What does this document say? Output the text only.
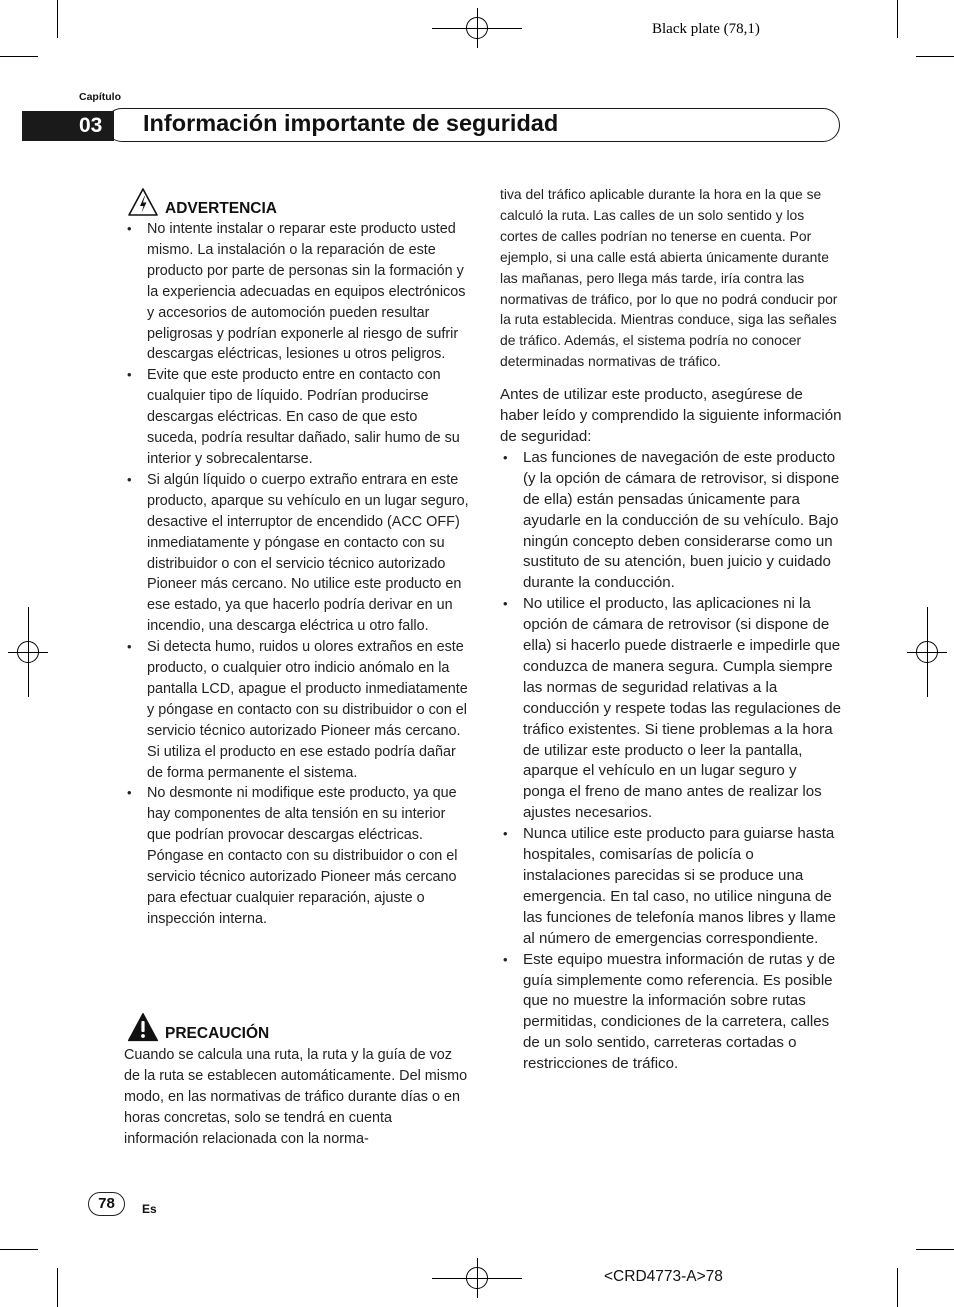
Black plate (78,1)
Capítulo
03 Información importante de seguridad
ADVERTENCIA
• No intente instalar o reparar este producto usted mismo. La instalación o la reparación de este producto por parte de personas sin la formación y la experiencia adecuadas en equipos electrónicos y accesorios de automoción pueden resultar peligrosas y podrían exponerle al riesgo de sufrir descargas eléctricas, lesiones u otros peligros.
• Evite que este producto entre en contacto con cualquier tipo de líquido. Podrían producirse descargas eléctricas. En caso de que esto suceda, podría resultar dañado, salir humo de su interior y sobrecalentarse.
• Si algún líquido o cuerpo extraño entrara en este producto, aparque su vehículo en un lugar seguro, desactive el interruptor de encendido (ACC OFF) inmediatamente y póngase en contacto con su distribuidor o con el servicio técnico autorizado Pioneer más cercano. No utilice este producto en ese estado, ya que hacerlo podría derivar en un incendio, una descarga eléctrica u otro fallo.
• Si detecta humo, ruidos u olores extraños en este producto, o cualquier otro indicio anómalo en la pantalla LCD, apague el producto inmediatamente y póngase en contacto con su distribuidor o con el servicio técnico autorizado Pioneer más cercano. Si utiliza el producto en ese estado podría dañar de forma permanente el sistema.
• No desmonte ni modifique este producto, ya que hay componentes de alta tensión en su interior que podrían provocar descargas eléctricas. Póngase en contacto con su distribuidor o con el servicio técnico autorizado Pioneer más cercano para efectuar cualquier reparación, ajuste o inspección interna.
PRECAUCIÓN

Cuando se calcula una ruta, la ruta y la guía de voz de la ruta se establecen automáticamente. Del mismo modo, en las normativas de tráfico durante días o en horas concretas, solo se tendrá en cuenta información relacionada con la norma-

tiva del tráfico aplicable durante la hora en la que se calculó la ruta. Las calles de un solo sentido y los cortes de calles podrían no tenerse en cuenta. Por ejemplo, si una calle está abierta únicamente durante las mañanas, pero llega más tarde, iría contra las normativas de tráfico, por lo que no podrá conducir por la ruta establecida. Mientras conduce, siga las señales de tráfico. Además, el sistema podría no conocer determinadas normativas de tráfico.

Antes de utilizar este producto, asegúrese de haber leído y comprendido la siguiente información de seguridad:

• Las funciones de navegación de este producto (y la opción de cámara de retrovisor, si dispone de ella) están pensadas únicamente para ayudarle en la conducción de su vehículo. Bajo ningún concepto deben considerarse como un sustituto de su atención, buen juicio y cuidado durante la conducción.
• No utilice el producto, las aplicaciones ni la opción de cámara de retrovisor (si dispone de ella) si hacerlo puede distraerle e impedirle que conduzca de manera segura. Cumpla siempre las normas de seguridad relativas a la conducción y respete todas las regulaciones de tráfico existentes. Si tiene problemas a la hora de utilizar este producto o leer la pantalla, aparque el vehículo en un lugar seguro y ponga el freno de mano antes de realizar los ajustes necesarios.
• Nunca utilice este producto para guiarse hasta hospitales, comisarías de policía o instalaciones parecidas si se produce una emergencia. En tal caso, no utilice ninguna de las funciones de telefonía manos libres y llame al número de emergencias correspondiente.
• Este equipo muestra información de rutas y de guía simplemente como referencia. Es posible que no muestre la información sobre rutas permitidas, condiciones de la carretera, calles de un solo sentido, carreteras cortadas o restricciones de tráfico.
78	Es
<CRD4773-A>78
